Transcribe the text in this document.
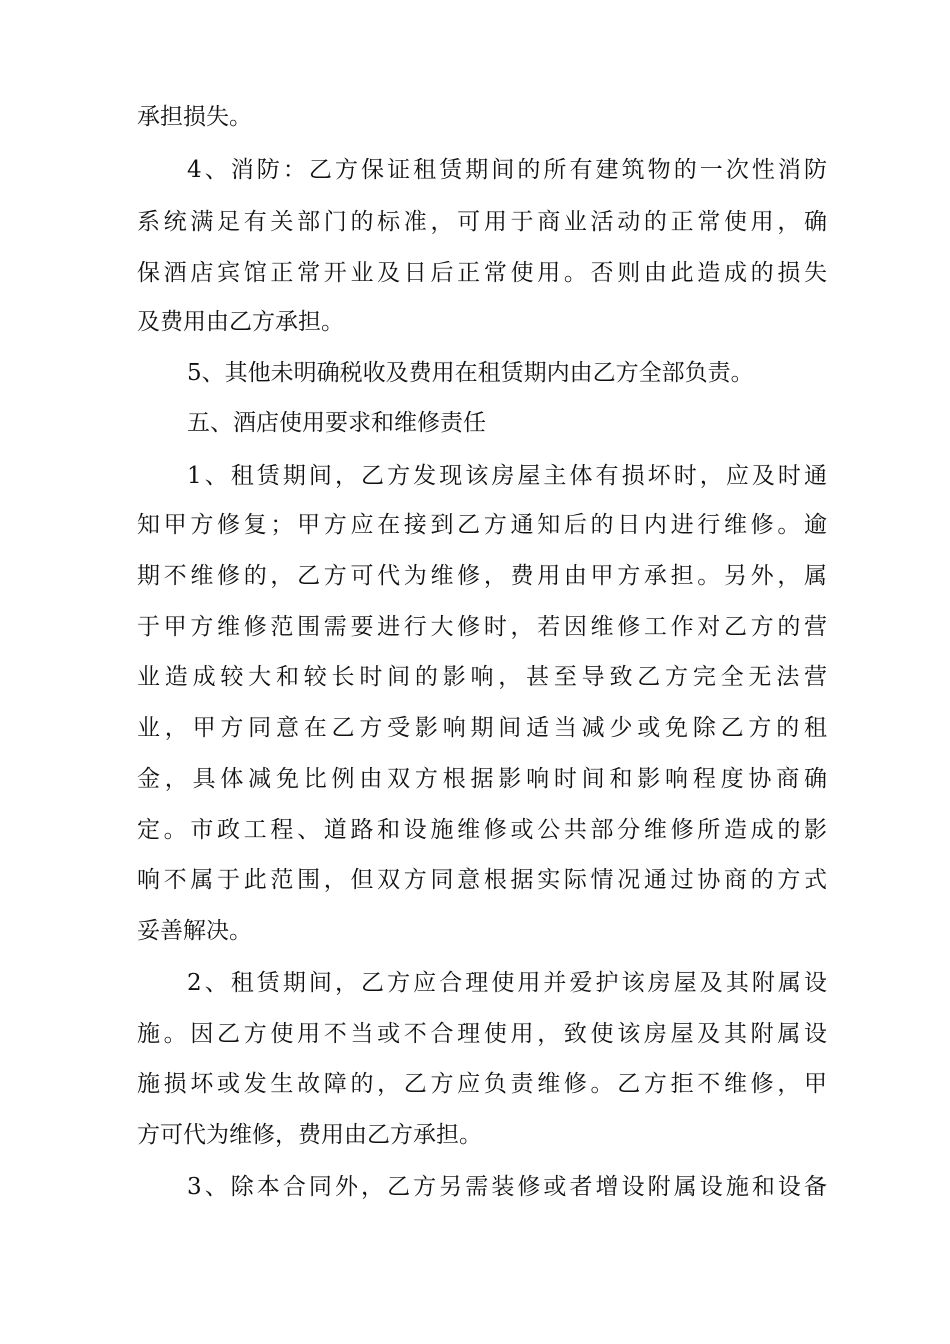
承担损失。
4、消防：乙方保证租赁期间的所有建筑物的一次性消防
系统满足有关部门的标准，可用于商业活动的正常使用，确
保酒店宾馆正常开业及日后正常使用。否则由此造成的损失
及费用由乙方承担。
5、其他未明确税收及费用在租赁期内由乙方全部负责。
五、酒店使用要求和维修责任
1、租赁期间，乙方发现该房屋主体有损坏时，应及时通
知甲方修复；甲方应在接到乙方通知后的日内进行维修。逾
期不维修的，乙方可代为维修，费用由甲方承担。另外，属
于甲方维修范围需要进行大修时，若因维修工作对乙方的营
业造成较大和较长时间的影响，甚至导致乙方完全无法营
业，甲方同意在乙方受影响期间适当减少或免除乙方的租
金，具体减免比例由双方根据影响时间和影响程度协商确
定。市政工程、道路和设施维修或公共部分维修所造成的影
响不属于此范围，但双方同意根据实际情况通过协商的方式
妥善解决。
2、租赁期间，乙方应合理使用并爱护该房屋及其附属设
施。因乙方使用不当或不合理使用，致使该房屋及其附属设
施损坏或发生故障的，乙方应负责维修。乙方拒不维修，甲
方可代为维修，费用由乙方承担。
3、除本合同外，乙方另需装修或者增设附属设施和设备
